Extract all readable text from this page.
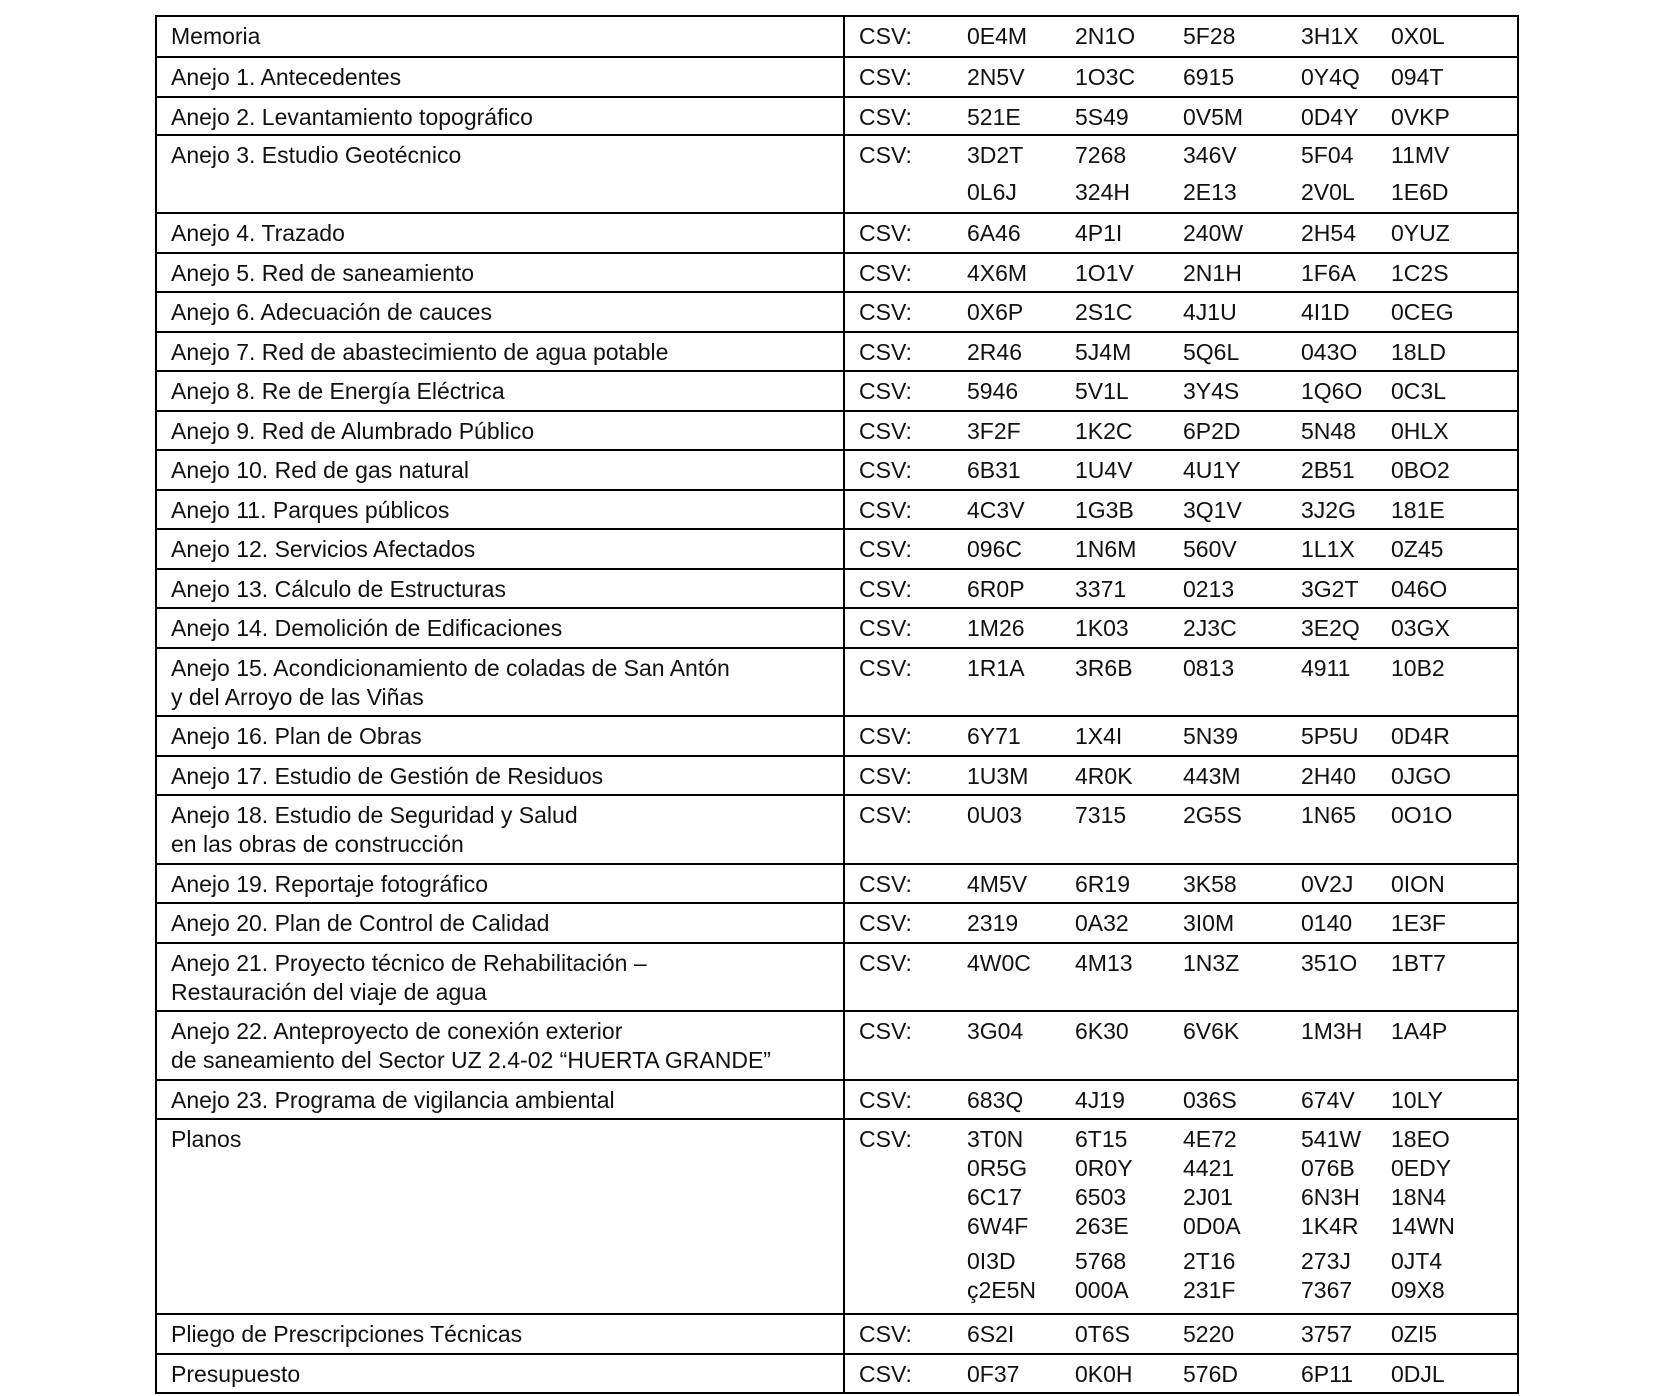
Memoria	CSV:	0E4M	2N1O	5F28	3H1X	0X0L
Anejo 1. Antecedentes	CSV:	2N5V	1O3C	6915	0Y4Q	094T
Anejo 2. Levantamiento topográfico	CSV:	521E	5S49	0V5M	0D4Y	0VKP
Anejo 3. Estudio Geotécnico	CSV:	3D2T	7268	346V	5F04	11MV
0L6J	324H	2E13	2V0L	1E6D
Anejo 4. Trazado	CSV:	6A46	4P1I	240W	2H54	0YUZ
Anejo 5. Red de saneamiento	CSV:	4X6M	1O1V	2N1H	1F6A	1C2S
Anejo 6. Adecuación de cauces	CSV:	0X6P	2S1C	4J1U	4I1D	0CEG
Anejo 7. Red de abastecimiento de agua potable	CSV:	2R46	5J4M	5Q6L	043O	18LD
Anejo 8. Re de Energía Eléctrica	CSV:	5946	5V1L	3Y4S	1Q6O	0C3L
Anejo 9. Red de Alumbrado Público	CSV:	3F2F	1K2C	6P2D	5N48	0HLX
Anejo 10. Red de gas natural	CSV:	6B31	1U4V	4U1Y	2B51	0BO2
Anejo 11. Parques públicos	CSV:	4C3V	1G3B	3Q1V	3J2G	181E
Anejo 12. Servicios Afectados	CSV:	096C	1N6M	560V	1L1X	0Z45
Anejo 13. Cálculo de Estructuras	CSV:	6R0P	3371	0213	3G2T	046O
Anejo 14. Demolición de Edificaciones	CSV:	1M26	1K03	2J3C	3E2Q	03GX
Anejo 15. Acondicionamiento de coladas de San Antón
y del Arroyo de las Viñas
CSV:	1R1A	3R6B	0813	4911	10B2
Anejo 16. Plan de Obras	CSV:	6Y71	1X4I	5N39	5P5U	0D4R
Anejo 17. Estudio de Gestión de Residuos	CSV:	1U3M	4R0K	443M	2H40	0JGO
Anejo 18. Estudio de Seguridad y Salud
en las obras de construcción
CSV:	0U03	7315	2G5S	1N65	0O1O
Anejo 19. Reportaje fotográfico	CSV:	4M5V	6R19	3K58	0V2J	0ION
Anejo 20. Plan de Control de Calidad	CSV:	2319	0A32	3I0M	0140	1E3F
Anejo 21. Proyecto técnico de Rehabilitación –
Restauración del viaje de agua
CSV:	4W0C	4M13	1N3Z	351O	1BT7
Anejo 22. Anteproyecto de conexión exterior
de saneamiento del Sector UZ 2.4-02 “HUERTA GRANDE”
CSV:	3G04	6K30	6V6K	1M3H	1A4P
Anejo 23. Programa de vigilancia ambiental	CSV:	683Q	4J19	036S	674V	10LY
Planos	CSV:	3T0N	6T15	4E72	541W	18EO
0R5G	0R0Y	4421	076B	0EDY
6C17	6503	2J01	6N3H	18N4
6W4F	263E	0D0A	1K4R	14WN
0I3D	5768	2T16	273J	0JT4
ç2E5N	000A	231F	7367	09X8
Pliego de Prescripciones Técnicas	CSV:	6S2I	0T6S	5220	3757	0ZI5
Presupuesto	CSV:	0F37	0K0H	576D	6P11	0DJL
